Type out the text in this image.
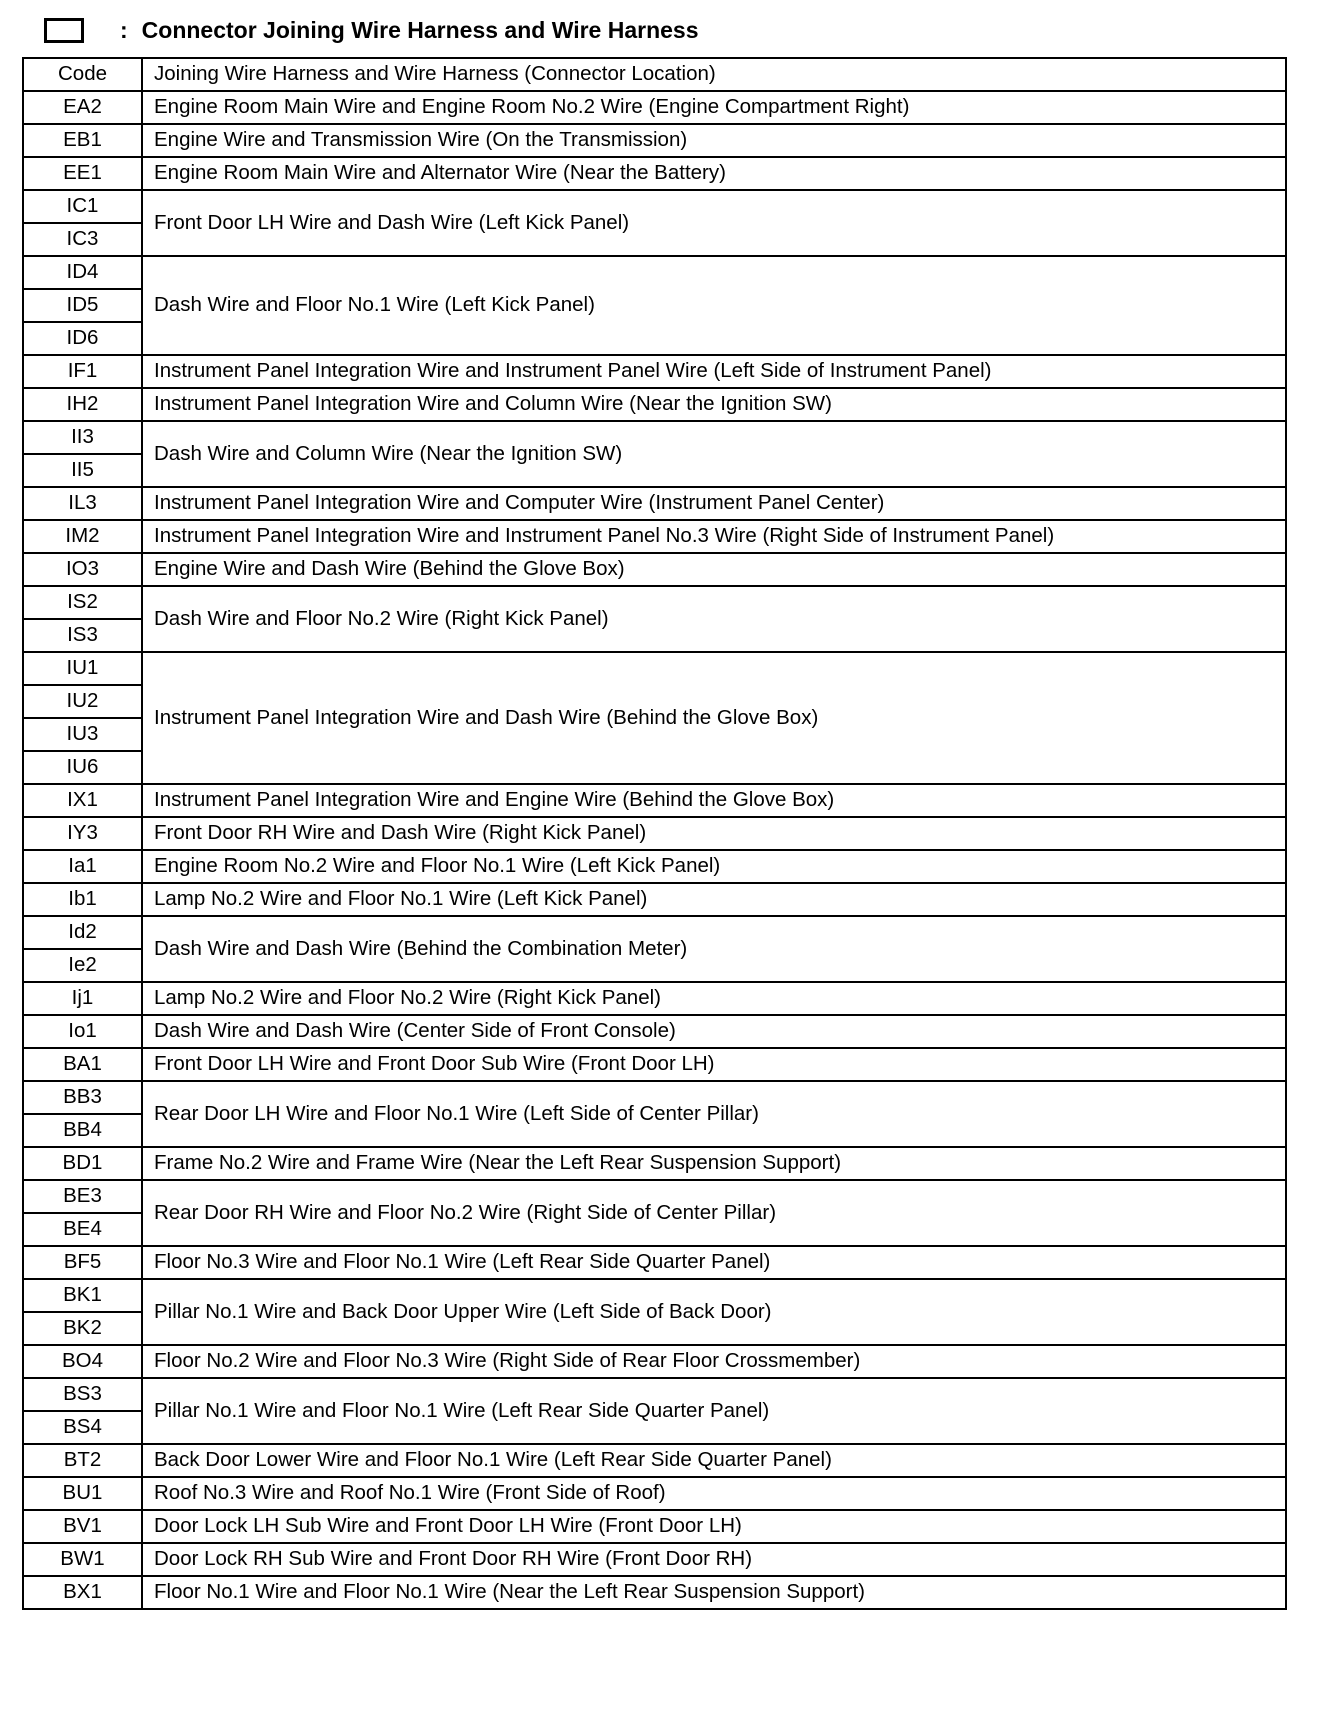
: Connector Joining Wire Harness and Wire Harness
Code	Joining Wire Harness and Wire Harness (Connector Location)
EA2	Engine Room Main Wire and Engine Room No.2 Wire (Engine Compartment Right)
EB1	Engine Wire and Transmission Wire (On the Transmission)
EE1	Engine Room Main Wire and Alternator Wire (Near the Battery)
IC1	Front Door LH Wire and Dash Wire (Left Kick Panel)
IC3	
ID4	Dash Wire and Floor No.1 Wire (Left Kick Panel)
ID5	
ID6	
IF1	Instrument Panel Integration Wire and Instrument Panel Wire (Left Side of Instrument Panel)
IH2	Instrument Panel Integration Wire and Column Wire (Near the Ignition SW)
II3	Dash Wire and Column Wire (Near the Ignition SW)
II5	
IL3	Instrument Panel Integration Wire and Computer Wire (Instrument Panel Center)
IM2	Instrument Panel Integration Wire and Instrument Panel No.3 Wire (Right Side of Instrument Panel)
IO3	Engine Wire and Dash Wire (Behind the Glove Box)
IS2	Dash Wire and Floor No.2 Wire (Right Kick Panel)
IS3	
IU1	Instrument Panel Integration Wire and Dash Wire (Behind the Glove Box)
IU2	
IU3	
IU6	
IX1	Instrument Panel Integration Wire and Engine Wire (Behind the Glove Box)
IY3	Front Door RH Wire and Dash Wire (Right Kick Panel)
Ia1	Engine Room No.2 Wire and Floor No.1 Wire (Left Kick Panel)
Ib1	Lamp No.2 Wire and Floor No.1 Wire (Left Kick Panel)
Id2	Dash Wire and Dash Wire (Behind the Combination Meter)
Ie2	
Ij1	Lamp No.2 Wire and Floor No.2 Wire (Right Kick Panel)
Io1	Dash Wire and Dash Wire (Center Side of Front Console)
BA1	Front Door LH Wire and Front Door Sub Wire (Front Door LH)
BB3	Rear Door LH Wire and Floor No.1 Wire (Left Side of Center Pillar)
BB4	
BD1	Frame No.2 Wire and Frame Wire (Near the Left Rear Suspension Support)
BE3	Rear Door RH Wire and Floor No.2 Wire (Right Side of Center Pillar)
BE4	
BF5	Floor No.3 Wire and Floor No.1 Wire (Left Rear Side Quarter Panel)
BK1	Pillar No.1 Wire and Back Door Upper Wire (Left Side of Back Door)
BK2	
BO4	Floor No.2 Wire and Floor No.3 Wire (Right Side of Rear Floor Crossmember)
BS3	Pillar No.1 Wire and Floor No.1 Wire (Left Rear Side Quarter Panel)
BS4	
BT2	Back Door Lower Wire and Floor No.1 Wire (Left Rear Side Quarter Panel)
BU1	Roof No.3 Wire and Roof No.1 Wire (Front Side of Roof)
BV1	Door Lock LH Sub Wire and Front Door LH Wire (Front Door LH)
BW1	Door Lock RH Sub Wire and Front Door RH Wire (Front Door RH)
BX1	Floor No.1 Wire and Floor No.1 Wire (Near the Left Rear Suspension Support)
